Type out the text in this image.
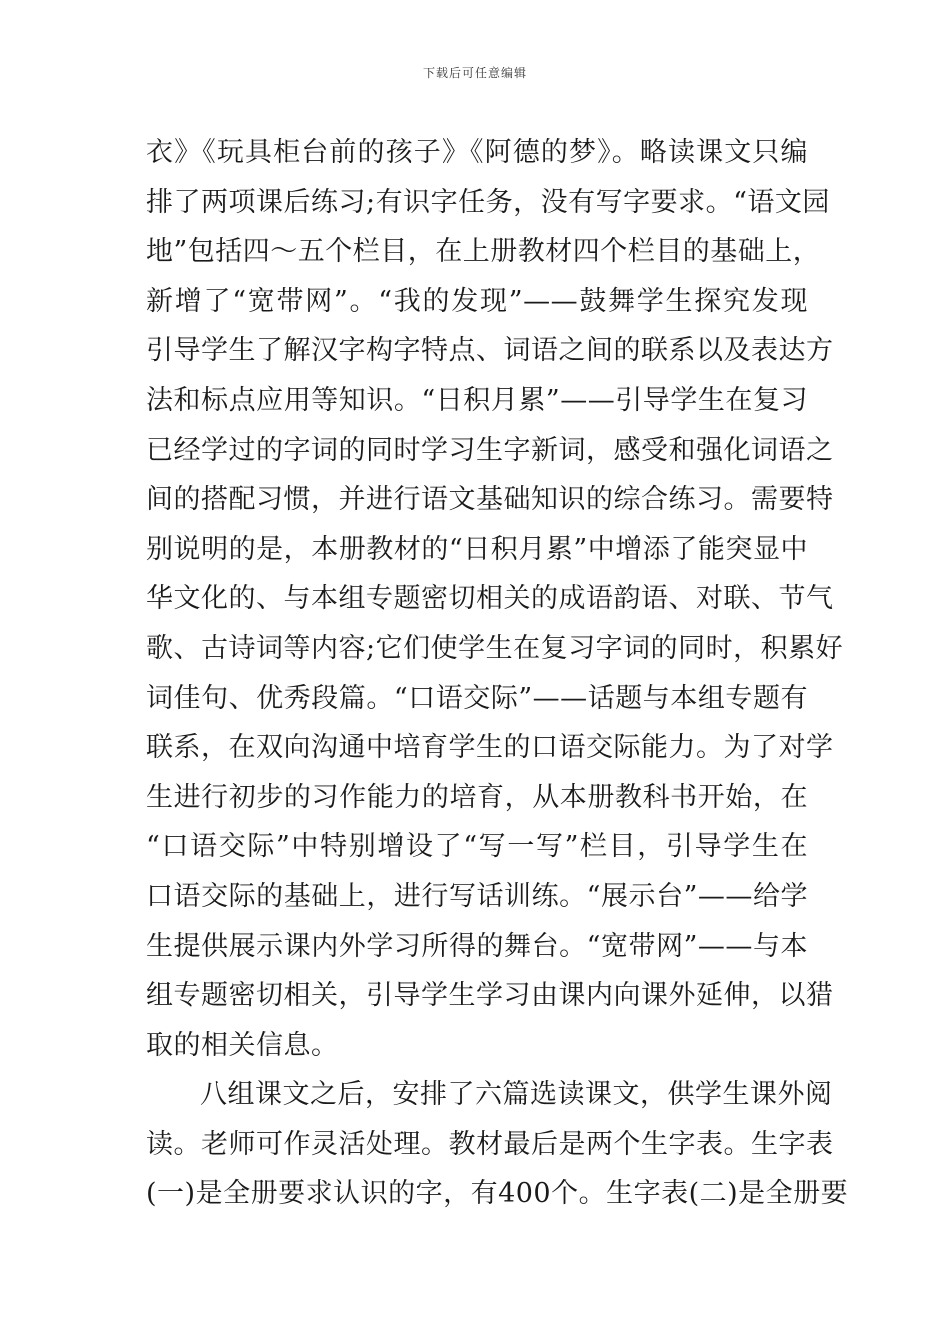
下载后可任意编辑
衣》《玩具柜台前的孩子》《阿德的梦》。略读课文只编
排了两项课后练习;有识字任务，没有写字要求。“语文园
地”包括四～五个栏目，在上册教材四个栏目的基础上，
新增了“宽带网”。“我的发现”——鼓舞学生探究发现
引导学生了解汉字构字特点、词语之间的联系以及表达方
法和标点应用等知识。“日积月累”——引导学生在复习
已经学过的字词的同时学习生字新词，感受和强化词语之
间的搭配习惯，并进行语文基础知识的综合练习。需要特
别说明的是，本册教材的“日积月累”中增添了能突显中
华文化的、与本组专题密切相关的成语韵语、对联、节气
歌、古诗词等内容;它们使学生在复习字词的同时，积累好
词佳句、优秀段篇。“口语交际”——话题与本组专题有
联系，在双向沟通中培育学生的口语交际能力。为了对学
生进行初步的习作能力的培育，从本册教科书开始，在
“口语交际”中特别增设了“写一写”栏目，引导学生在
口语交际的基础上，进行写话训练。“展示台”——给学
生提供展示课内外学习所得的舞台。“宽带网”——与本
组专题密切相关，引导学生学习由课内向课外延伸，以猎
取的相关信息。
八组课文之后，安排了六篇选读课文，供学生课外阅
读。老师可作灵活处理。教材最后是两个生字表。生字表
(一)是全册要求认识的字，有400个。生字表(二)是全册要
